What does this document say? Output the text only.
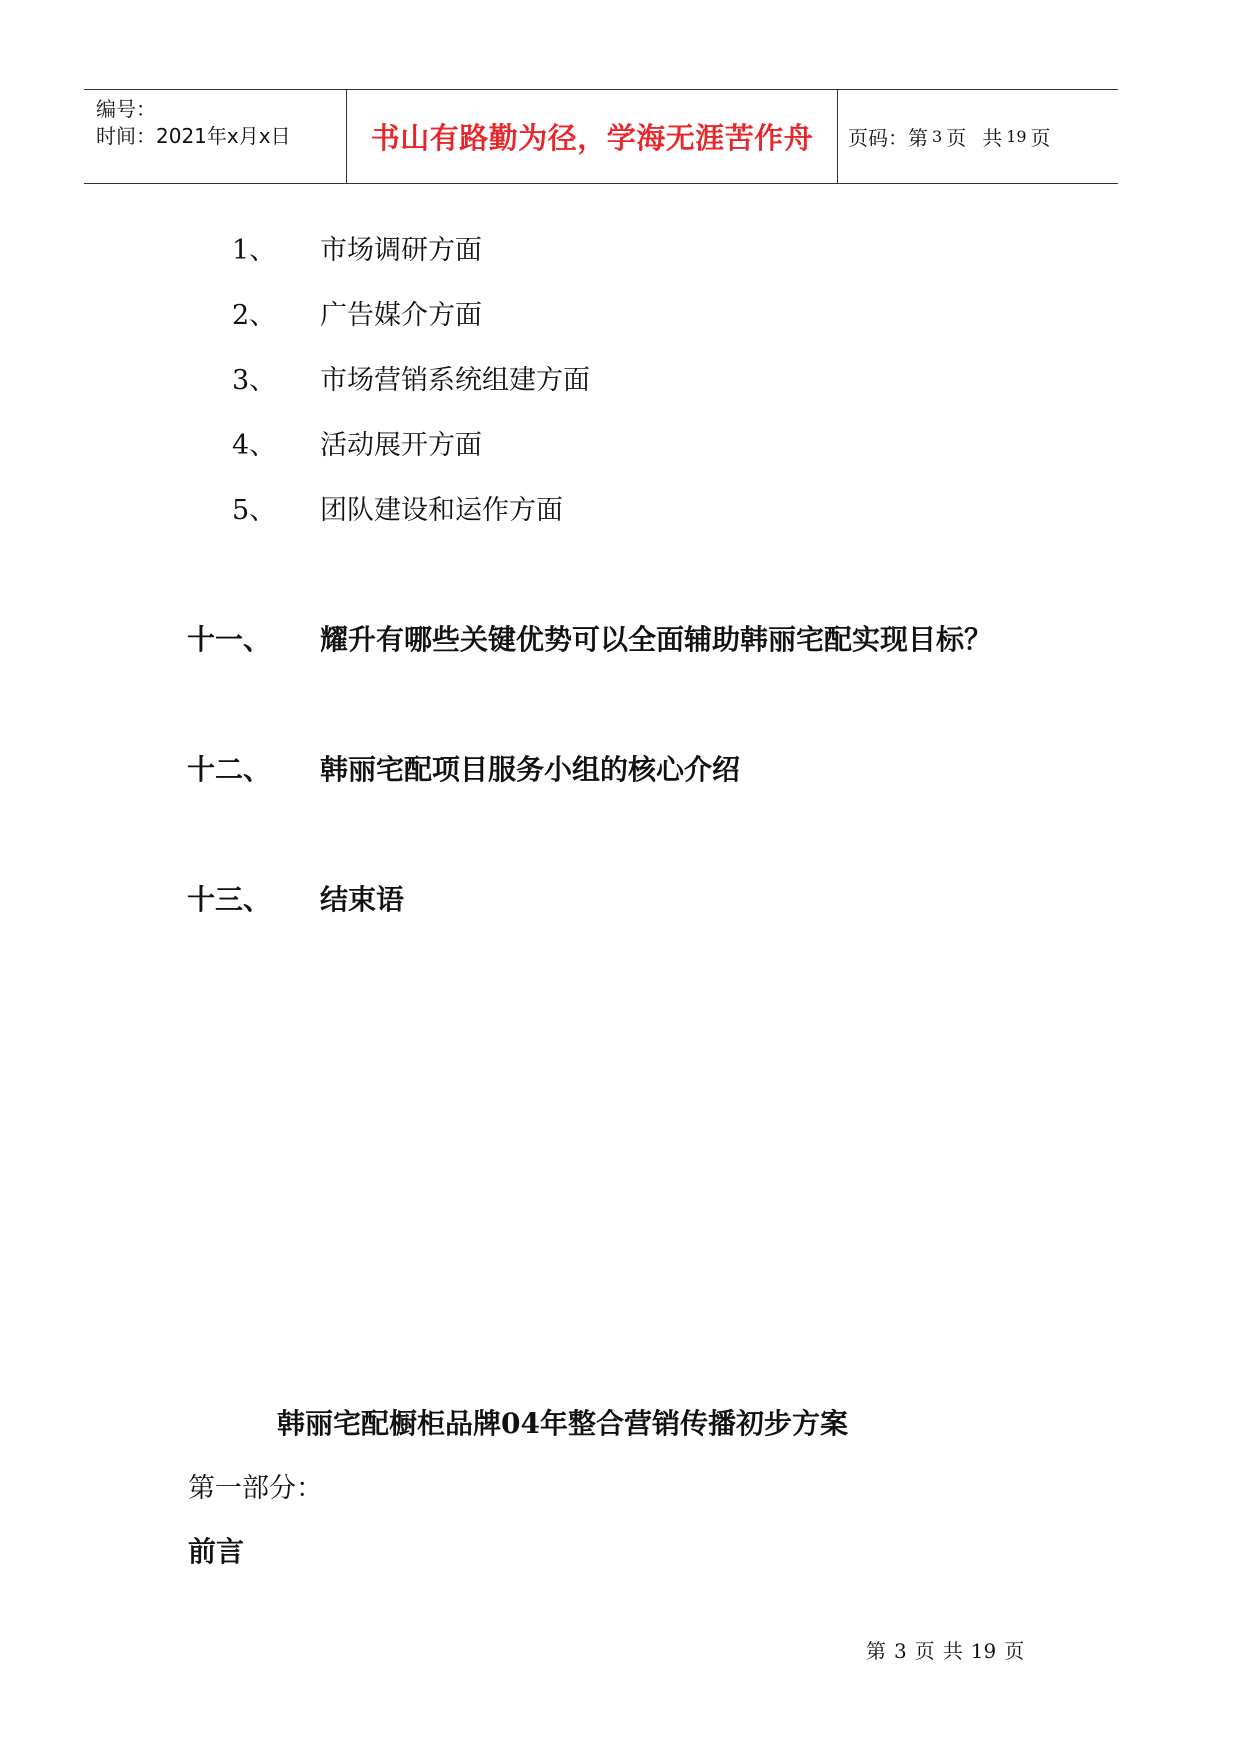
编号：
时间：2021年x月x日	书山有路勤为径，学海无涯苦作舟 页码：第 3 页 共 19 页
1、 市场调研方面
2、 广告媒介方面
3、 市场营销系统组建方面
4、 活动展开方面
5、 团队建设和运作方面
十一、 耀升有哪些关键优势可以全面辅助韩丽宅配实现目标？
十二、 韩丽宅配项目服务小组的核心介绍
十三、 结束语
韩丽宅配橱柜品牌04年整合营销传播初步方案
第一部分：
前言
第 3 页 共 19 页
